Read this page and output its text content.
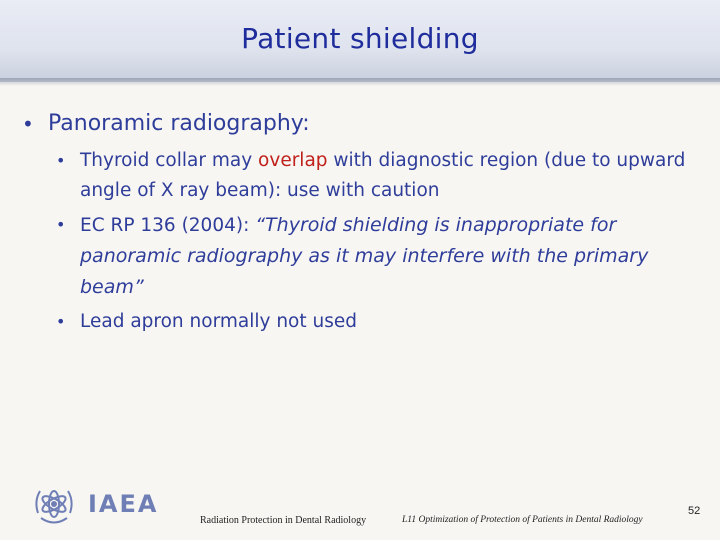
Patient shielding
• Panoramic radiography:
• Thyroid collar may overlap with diagnostic region (due to upward angle of X ray beam): use with caution
• EC RP 136 (2004): “Thyroid shielding is inappropriate for panoramic radiography as it may interfere with the primary beam”
• Lead apron normally not used
IAEA
Radiation Protection in Dental Radiology	L11 Optimization of Protection of Patients in Dental Radiology
52
